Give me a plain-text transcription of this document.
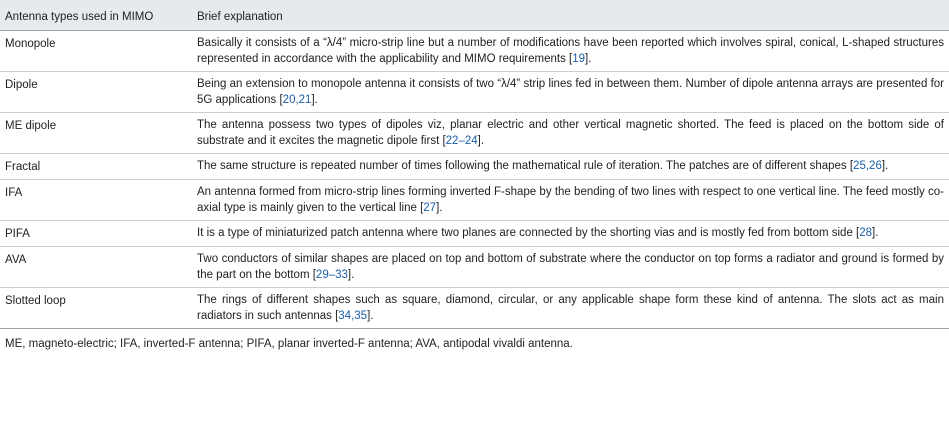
Antenna types used in MIMO	Brief explanation
Monopole	Basically it consists of a “λ/4” micro-strip line but a number of modifications have been reported which involves spiral, conical, L-shaped structures represented in accordance with the applicability and MIMO requirements [19].
Dipole	Being an extension to monopole antenna it consists of two “λ/4” strip lines fed in between them. Number of dipole antenna arrays are presented for 5G applications [20,21].
ME dipole	The antenna possess two types of dipoles viz, planar electric and other vertical magnetic shorted. The feed is placed on the bottom side of substrate and it excites the magnetic dipole first [22–24].
Fractal	The same structure is repeated number of times following the mathematical rule of iteration. The patches are of different shapes [25,26].
IFA	An antenna formed from micro-strip lines forming inverted F-shape by the bending of two lines with respect to one vertical line. The feed mostly co-axial type is mainly given to the vertical line [27].
PIFA	It is a type of miniaturized patch antenna where two planes are connected by the shorting vias and is mostly fed from bottom side [28].
AVA	Two conductors of similar shapes are placed on top and bottom of substrate where the conductor on top forms a radiator and ground is formed by the part on the bottom [29–33].
Slotted loop	The rings of different shapes such as square, diamond, circular, or any applicable shape form these kind of antenna. The slots act as main radiators in such antennas [34,35].
ME, magneto-electric; IFA, inverted-F antenna; PIFA, planar inverted-F antenna; AVA, antipodal vivaldi antenna.
